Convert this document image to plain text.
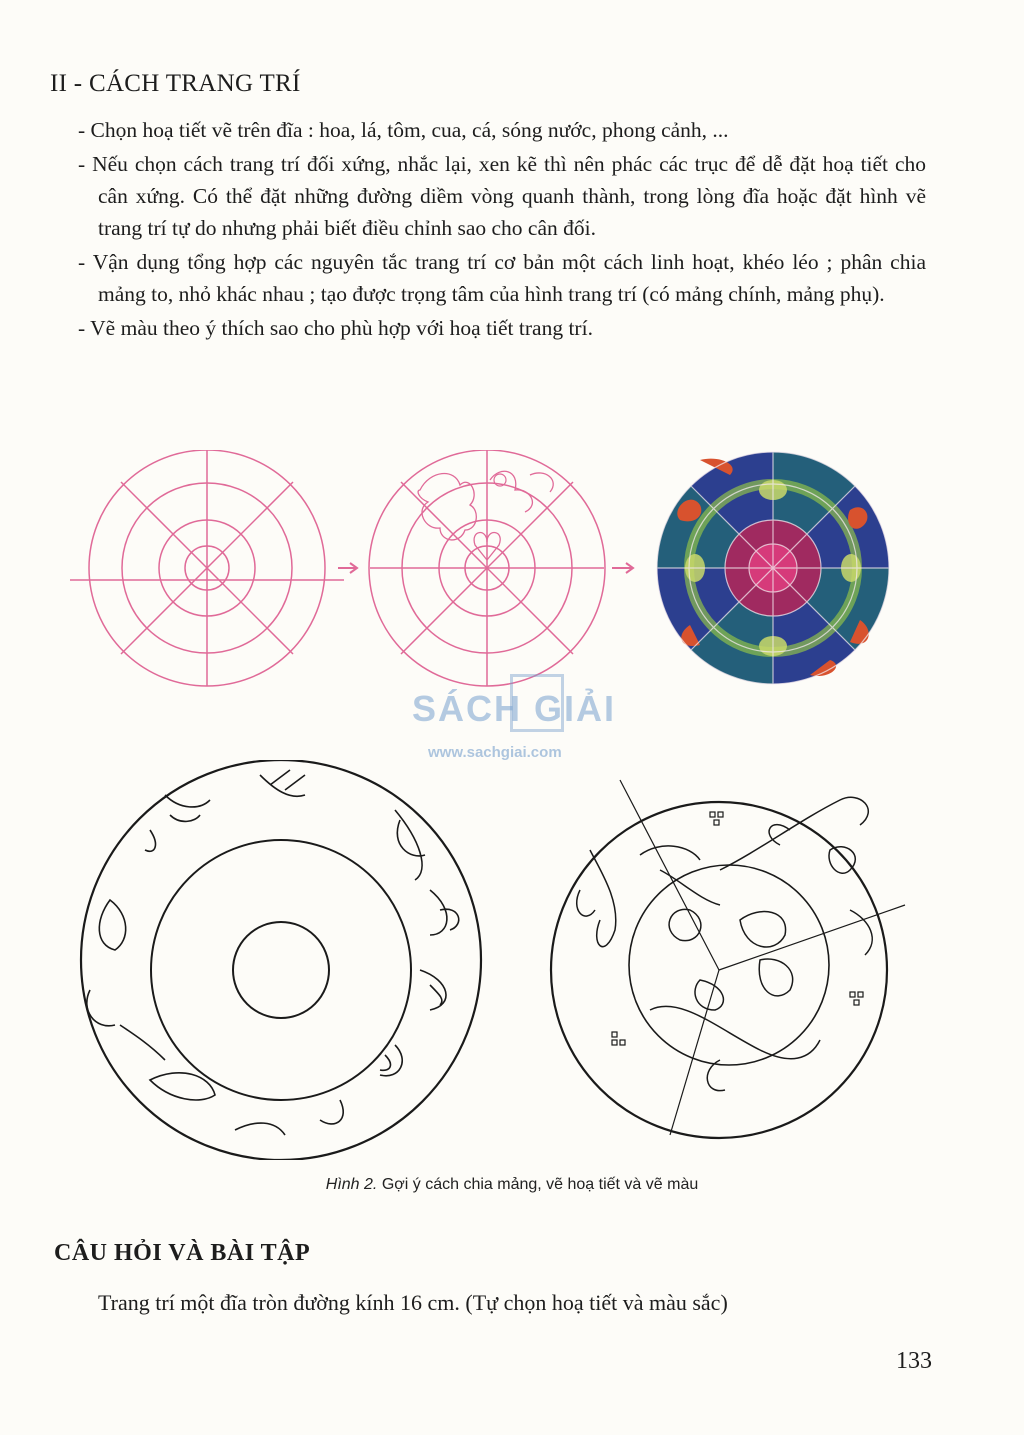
II - CÁCH TRANG TRÍ
- Chọn hoạ tiết vẽ trên đĩa : hoa, lá, tôm, cua, cá, sóng nước, phong cảnh, ...
- Nếu chọn cách trang trí đối xứng, nhắc lại, xen kẽ thì nên phác các trục để dễ đặt hoạ tiết cho cân xứng. Có thể đặt những đường diềm vòng quanh thành, trong lòng đĩa hoặc đặt hình vẽ trang trí tự do nhưng phải biết điều chỉnh sao cho cân đối.
- Vận dụng tổng hợp các nguyên tắc trang trí cơ bản một cách linh hoạt, khéo léo ; phân chia mảng to, nhỏ khác nhau ; tạo được trọng tâm của hình trang trí (có mảng chính, mảng phụ).
- Vẽ màu theo ý thích sao cho phù hợp với hoạ tiết trang trí.
SÁCH GIẢI
www.sachgiai.com
Hình 2. Gợi ý cách chia mảng, vẽ hoạ tiết và vẽ màu
CÂU HỎI VÀ BÀI TẬP
Trang trí một đĩa tròn đường kính 16 cm. (Tự chọn hoạ tiết và màu sắc)
133
